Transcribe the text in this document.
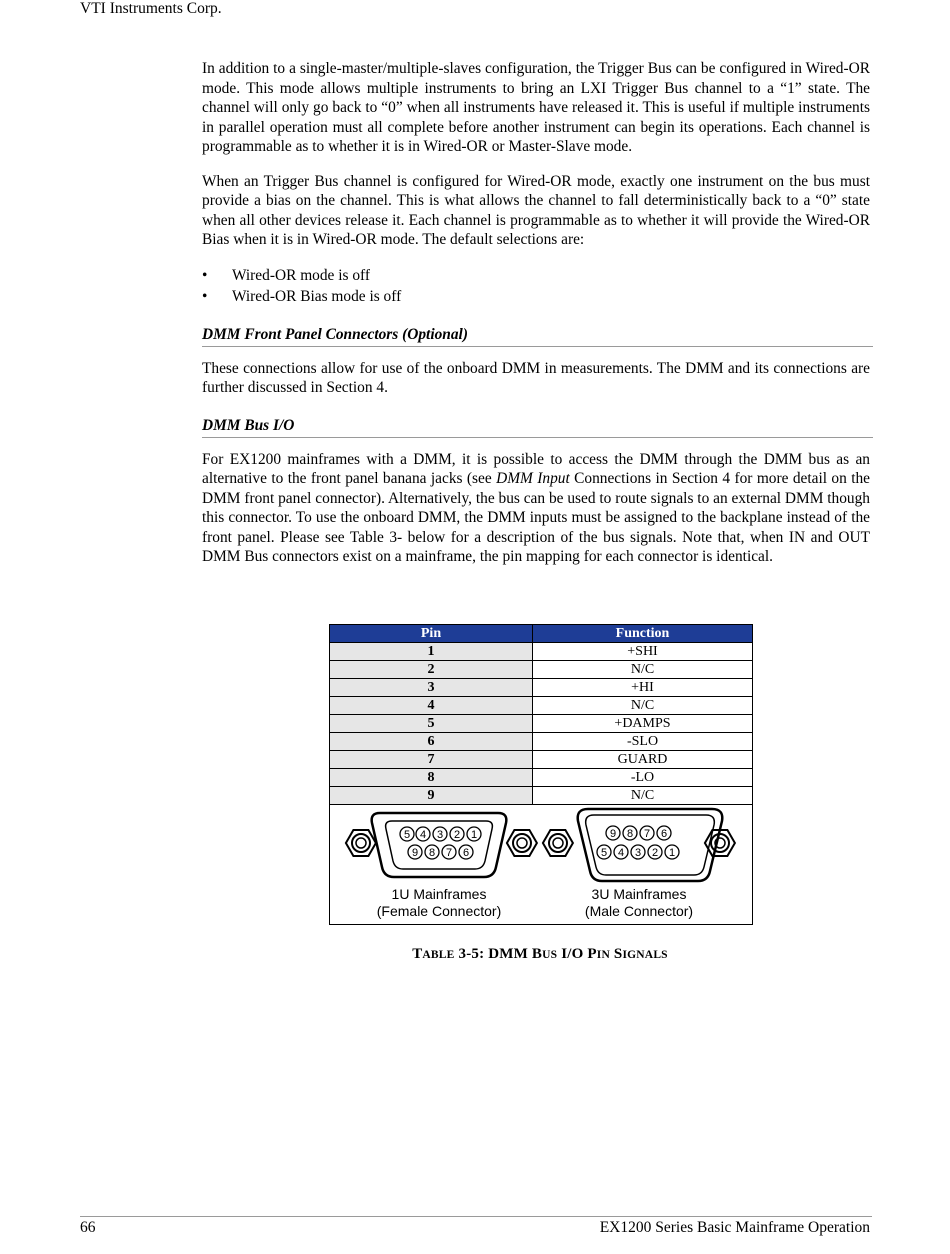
VTI Instruments Corp.

In addition to a single-master/multiple-slaves configuration, the Trigger Bus can be configured in Wired-OR mode. This mode allows multiple instruments to bring an LXI Trigger Bus channel to a “1” state. The channel will only go back to “0” when all instruments have released it. This is useful if multiple instruments in parallel operation must all complete before another instrument can begin its operations. Each channel is programmable as to whether it is in Wired-OR or Master-Slave mode.

When an Trigger Bus channel is configured for Wired-OR mode, exactly one instrument on the bus must provide a bias on the channel. This is what allows the channel to fall deterministically back to a “0” state when all other devices release it. Each channel is programmable as to whether it will provide the Wired-OR Bias when it is in Wired-OR mode. The default selections are:

• Wired-OR mode is off
• Wired-OR Bias mode is off
DMM Front Panel Connectors (Optional)

These connections allow for use of the onboard DMM in measurements. The DMM and its connections are further discussed in Section 4.

DMM Bus I/O

For EX1200 mainframes with a DMM, it is possible to access the DMM through the DMM bus as an alternative to the front panel banana jacks (see DMM Input Connections in Section 4 for more detail on the DMM front panel connector). Alternatively, the bus can be used to route signals to an external DMM though this connector. To use the onboard DMM, the DMM inputs must be assigned to the backplane instead of the front panel. Please see Table 3- below for a description of the bus signals. Note that, when IN and OUT DMM Bus connectors exist on a mainframe, the pin mapping for each connector is identical.

Pin	Function
1	+SHI
2	N/C
3	+HI
4	N/C
5	+DAMPS
6	-SLO
7	GUARD
8	-LO
9	N/C
5 4 3 2 1
9 8 7 6
1U Mainframes
(Female Connector)
9 8 7 6
5 4 3 2 1
3U Mainframes
(Male Connector)
TABLE 3-5: DMM BUS I/O PIN SIGNALS
66	EX1200 Series Basic Mainframe Operation
